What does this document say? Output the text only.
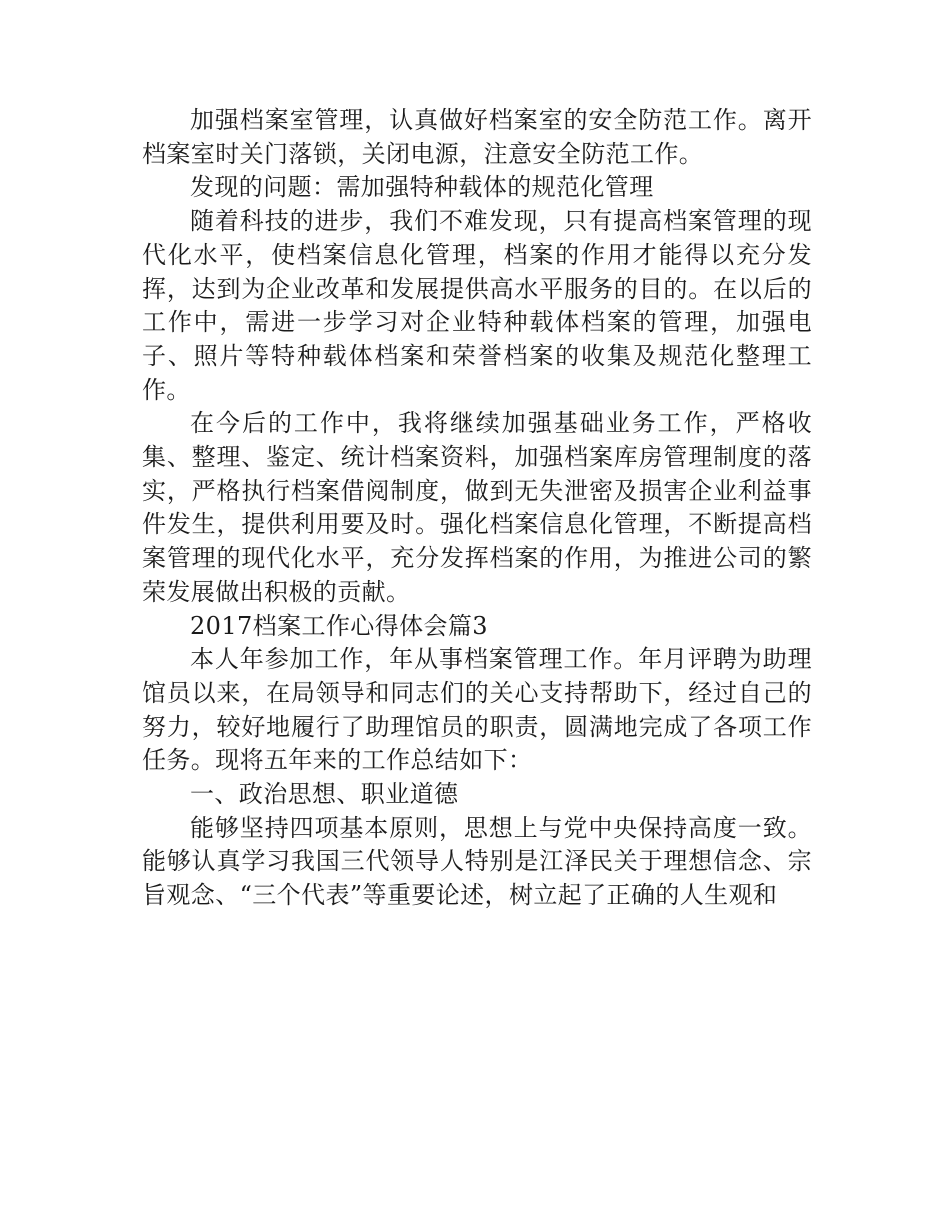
加强档案室管理，认真做好档案室的安全防范工作。离开档案室时关门落锁，关闭电源，注意安全防范工作。

发现的问题：需加强特种载体的规范化管理

随着科技的进步，我们不难发现，只有提高档案管理的现代化水平，使档案信息化管理，档案的作用才能得以充分发挥，达到为企业改革和发展提供高水平服务的目的。在以后的工作中，需进一步学习对企业特种载体档案的管理，加强电子、照片等特种载体档案和荣誉档案的收集及规范化整理工作。

在今后的工作中，我将继续加强基础业务工作，严格收集、整理、鉴定、统计档案资料，加强档案库房管理制度的落实，严格执行档案借阅制度，做到无失泄密及损害企业利益事件发生，提供利用要及时。强化档案信息化管理，不断提高档案管理的现代化水平，充分发挥档案的作用，为推进公司的繁荣发展做出积极的贡献。

2017档案工作心得体会篇3

本人年参加工作，年从事档案管理工作。年月评聘为助理馆员以来，在局领导和同志们的关心支持帮助下，经过自己的努力，较好地履行了助理馆员的职责，圆满地完成了各项工作任务。现将五年来的工作总结如下：

一、政治思想、职业道德

能够坚持四项基本原则，思想上与党中央保持高度一致。能够认真学习我国三代领导人特别是江泽民关于理想信念、宗旨观念、“三个代表”等重要论述，树立起了正确的人生观和
